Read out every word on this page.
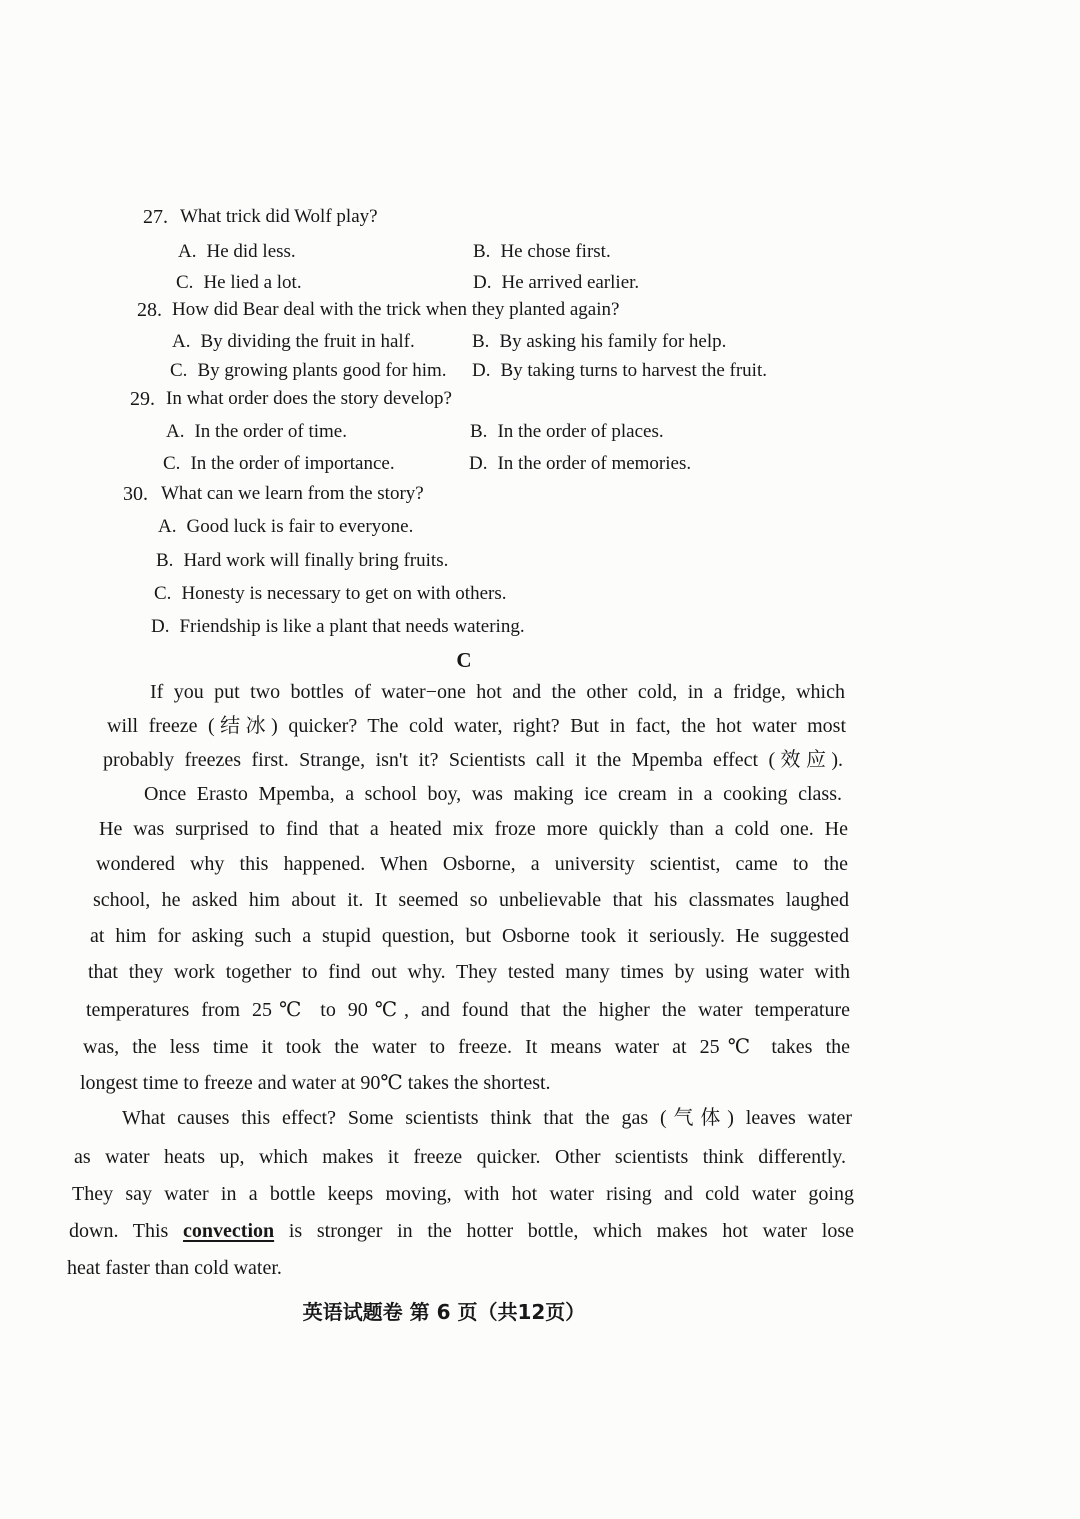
27. What trick did Wolf play?
A. He did less.	B. He chose first.
C. He lied a lot.	D. He arrived earlier.
28. How did Bear deal with the trick when they planted again?
A. By dividing the fruit in half.	B. By asking his family for help.
C. By growing plants good for him. D. By taking turns to harvest the fruit.
29. In what order does the story develop?
A. In the order of time.	B. In the order of places.
C. In the order of importance.	D. In the order of memories.
30. What can we learn from the story?
A. Good luck is fair to everyone.
B. Hard work will finally bring fruits.
C. Honesty is necessary to get on with others.
D. Friendship is like a plant that needs watering.
C
If you put two bottles of water−one hot and the other cold, in a fridge, which
will freeze (结冰) quicker? The cold water, right? But in fact, the hot water most
probably freezes first. Strange, isn't it? Scientists call it the Mpemba effect (效应).
Once Erasto Mpemba, a school boy, was making ice cream in a cooking class.
He was surprised to find that a heated mix froze more quickly than a cold one. He
wondered why this happened. When Osborne, a university scientist, came to the
school, he asked him about it. It seemed so unbelievable that his classmates laughed
at him for asking such a stupid question, but Osborne took it seriously. He suggested
that they work together to find out why. They tested many times by using water with
temperatures from 25℃ to 90℃, and found that the higher the water temperature
was, the less time it took the water to freeze. It means water at 25℃ takes the
longest time to freeze and water at 90℃ takes the shortest.
What causes this effect? Some scientists think that the gas (气体) leaves water
as water heats up, which makes it freeze quicker. Other scientists think differently.
They say water in a bottle keeps moving, with hot water rising and cold water going
down. This convection is stronger in the hotter bottle, which makes hot water lose
heat faster than cold water.
英语试题卷 第 6 页（共12页）
